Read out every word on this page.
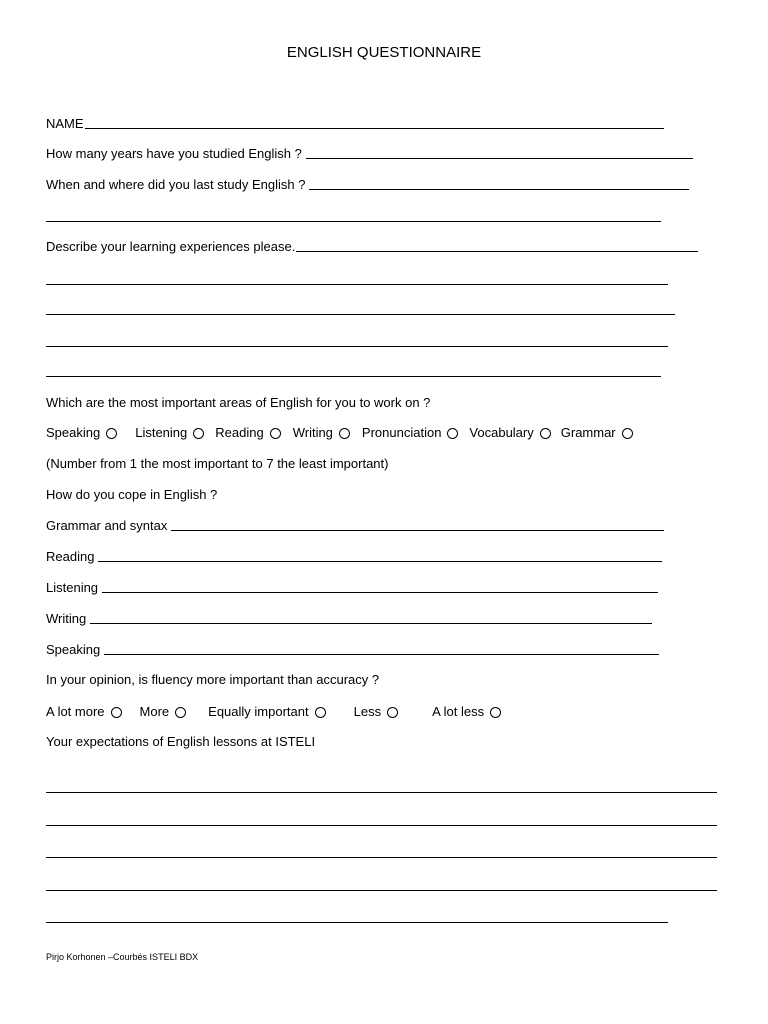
ENGLISH QUESTIONNAIRE
NAME
How many years have you studied English ?
When and where did you last study English ?
Describe your learning experiences please.
Which are the most important areas of English for you to work on ?
Speaking	Listening Reading Writing Pronunciation Vocabulary Grammar
(Number from 1 the most important to 7 the least important)
How do you cope in English ?
Grammar and syntax
Reading
Listening
Writing
Speaking
In your opinion, is fluency more important than accuracy ?
A lot more	More	Equally important	Less	A lot less
Your expectations of English lessons at ISTELI
Pirjo Korhonen –Courbés ISTELI BDX
